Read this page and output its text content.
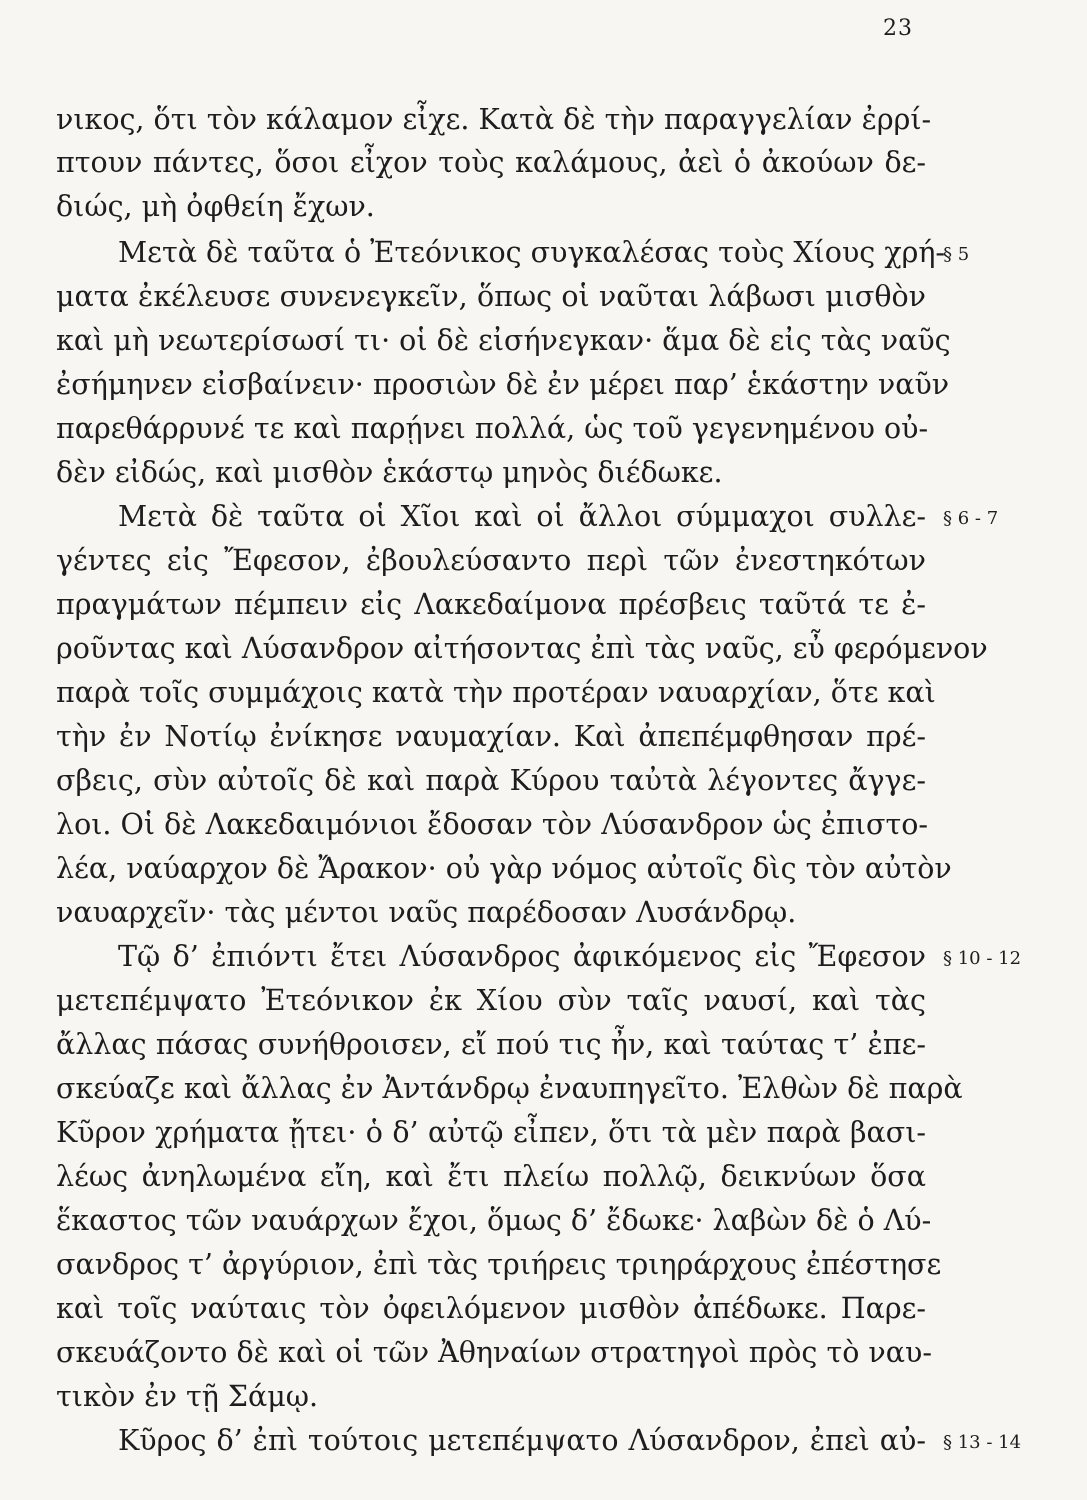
23
νικος, ὅτι τὸν κάλαμον εἶχε. Κατὰ δὲ τὴν παραγγελίαν ἐρρί-
πτουν πάντες, ὅσοι εἶχον τοὺς καλάμους, ἀεὶ ὁ ἀκούων δε-
διώς, μὴ ὀφθείη ἔχων.
Μετὰ δὲ ταῦτα ὁ Ἐτεόνικος συγκαλέσας τοὺς Χίους χρή-
ματα ἐκέλευσε συνενεγκεῖν, ὅπως οἱ ναῦται λάβωσι μισθὸν
καὶ μὴ νεωτερίσωσί τι· οἱ δὲ εἰσήνεγκαν· ἅμα δὲ εἰς τὰς ναῦς
ἐσήμηνεν εἰσβαίνειν· προσιὼν δὲ ἐν μέρει παρ’ ἑκάστην ναῦν
παρεθάρρυνέ τε καὶ παρῄνει πολλά, ὡς τοῦ γεγενημένου οὐ-
δὲν εἰδώς, καὶ μισθὸν ἑκάστῳ μηνὸς διέδωκε.
Μετὰ δὲ ταῦτα οἱ Χῖοι καὶ οἱ ἄλλοι σύμμαχοι συλλε-
γέντες εἰς Ἔφεσον, ἐβουλεύσαντο περὶ τῶν ἐνεστηκότων
πραγμάτων πέμπειν εἰς Λακεδαίμονα πρέσβεις ταῦτά τε ἐ-
ροῦντας καὶ Λύσανδρον αἰτήσοντας ἐπὶ τὰς ναῦς, εὖ φερόμενον
παρὰ τοῖς συμμάχοις κατὰ τὴν προτέραν ναυαρχίαν, ὅτε καὶ
τὴν ἐν Νοτίῳ ἐνίκησε ναυμαχίαν. Καὶ ἀπεπέμφθησαν πρέ-
σβεις, σὺν αὐτοῖς δὲ καὶ παρὰ Κύρου ταὐτὰ λέγοντες ἄγγε-
λοι. Οἱ δὲ Λακεδαιμόνιοι ἔδοσαν τὸν Λύσανδρον ὡς ἐπιστο-
λέα, ναύαρχον δὲ Ἄρακον· οὐ γὰρ νόμος αὐτοῖς δὶς τὸν αὐτὸν
ναυαρχεῖν· τὰς μέντοι ναῦς παρέδοσαν Λυσάνδρῳ.
Τῷ δ’ ἐπιόντι ἔτει Λύσανδρος ἀφικόμενος εἰς Ἔφεσον
μετεπέμψατο Ἐτεόνικον ἐκ Χίου σὺν ταῖς ναυσί, καὶ τὰς
ἄλλας πάσας συνήθροισεν, εἴ πού τις ἦν, καὶ ταύτας τ’ ἐπε-
σκεύαζε καὶ ἄλλας ἐν Ἀντάνδρῳ ἐναυπηγεῖτο. Ἐλθὼν δὲ παρὰ
Κῦρον χρήματα ᾔτει· ὁ δ’ αὐτῷ εἶπεν, ὅτι τὰ μὲν παρὰ βασι-
λέως ἀνηλωμένα εἴη, καὶ ἔτι πλείω πολλῷ, δεικνύων ὅσα
ἕκαστος τῶν ναυάρχων ἔχοι, ὅμως δ’ ἔδωκε· λαβὼν δὲ ὁ Λύ-
σανδρος τ’ ἀργύριον, ἐπὶ τὰς τριήρεις τριηράρχους ἐπέστησε
καὶ τοῖς ναύταις τὸν ὀφειλόμενον μισθὸν ἀπέδωκε. Παρε-
σκευάζοντο δὲ καὶ οἱ τῶν Ἀθηναίων στρατηγοὶ πρὸς τὸ ναυ-
τικὸν ἐν τῇ Σάμῳ.
Κῦρος δ’ ἐπὶ τούτοις μετεπέμψατο Λύσανδρον, ἐπεὶ αὐ-
§ 5
§ 6 - 7
§ 10 - 12
§ 13 - 14
